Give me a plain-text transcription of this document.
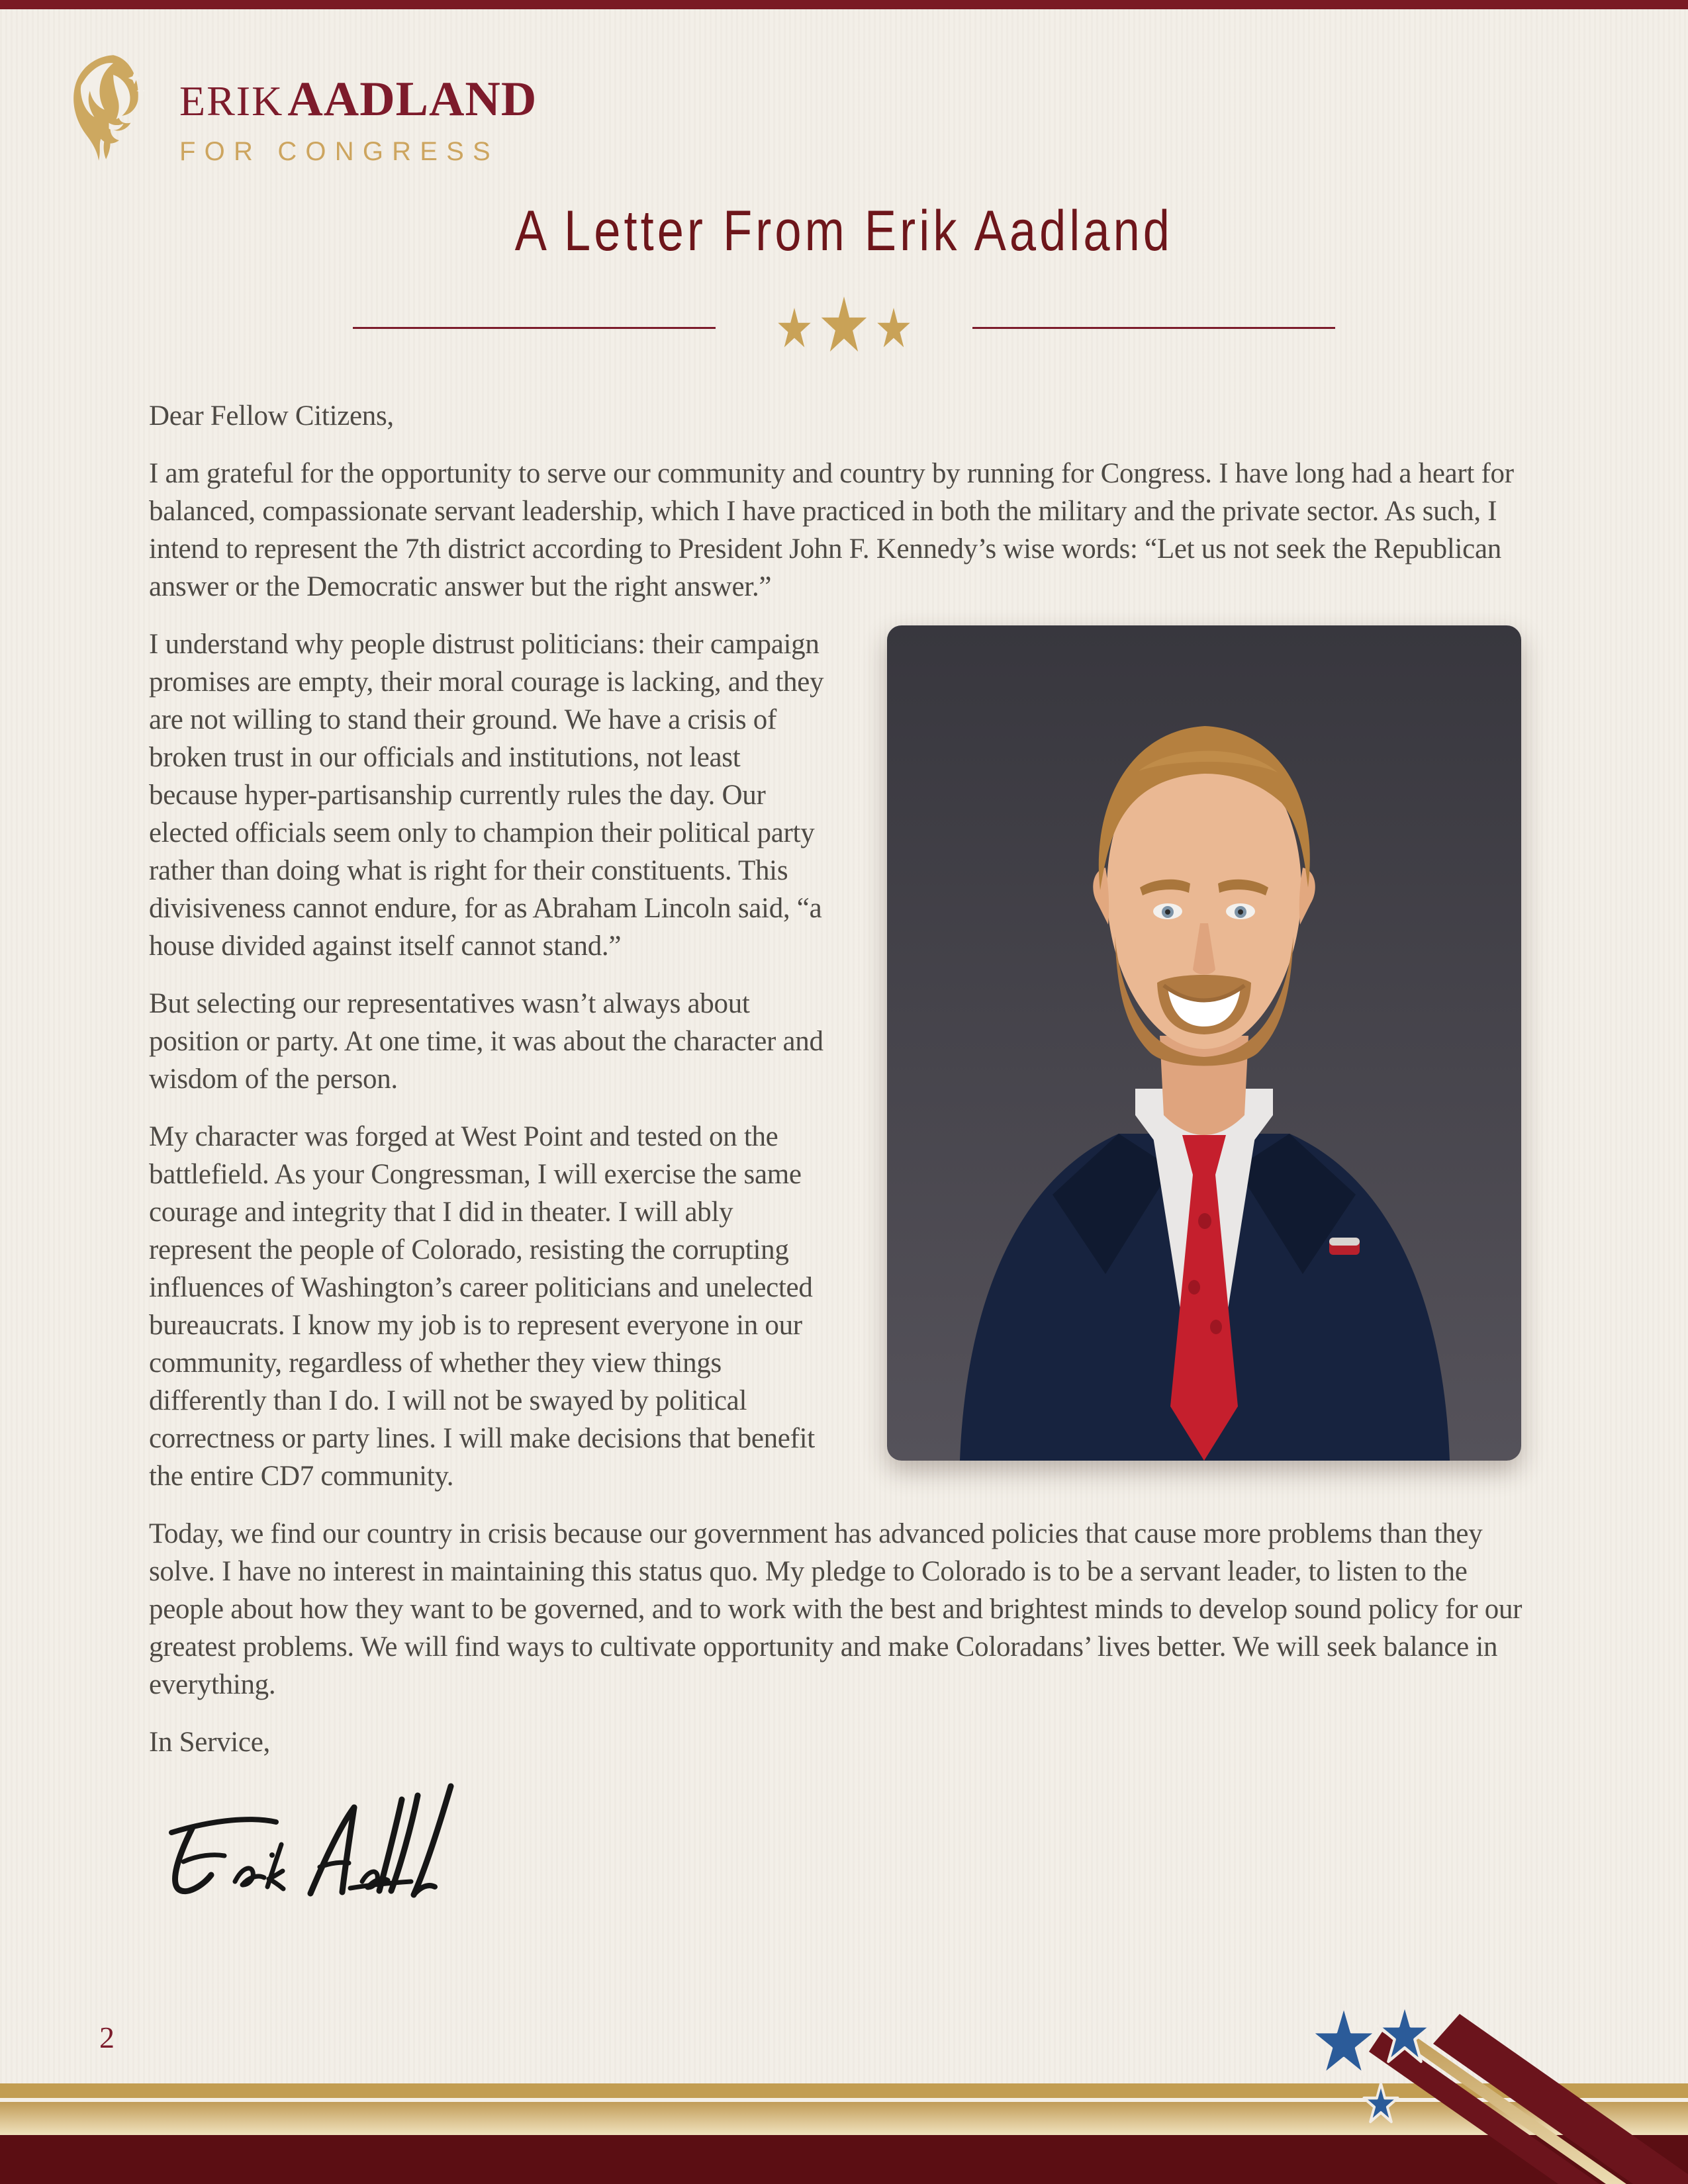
ERIK AADLAND
FOR CONGRESS
A Letter From Erik Aadland

Dear Fellow Citizens,

I am grateful for the opportunity to serve our community and country by running for Congress. I have long had a heart for balanced, compassionate servant leadership, which I have practiced in both the military and the private sector. As such, I intend to represent the 7th district according to President John F. Kennedy’s wise words: “Let us not seek the Republican answer or the Democratic answer but the right answer.”

I understand why people distrust politicians: their campaign promises are empty, their moral courage is lacking, and they are not willing to stand their ground. We have a crisis of broken trust in our officials and institutions, not least because hyper-partisanship currently rules the day. Our elected officials seem only to champion their political party rather than doing what is right for their constituents. This divisiveness cannot endure, for as Abraham Lincoln said, “a house divided against itself cannot stand.”

But selecting our representatives wasn’t always about position or party. At one time, it was about the character and wisdom of the person.

My character was forged at West Point and tested on the battlefield. As your Congressman, I will exercise the same courage and integrity that I did in theater. I will ably represent the people of Colorado, resisting the corrupting influences of Washington’s career politicians and unelected bureaucrats. I know my job is to represent everyone in our community, regardless of whether they view things differently than I do. I will not be swayed by political correctness or party lines. I will make decisions that benefit the entire CD7 community.

Today, we find our country in crisis because our government has advanced policies that cause more problems than they solve. I have no interest in maintaining this status quo. My pledge to Colorado is to be a servant leader, to listen to the people about how they want to be governed, and to work with the best and brightest minds to develop sound policy for our greatest problems. We will find ways to cultivate opportunity and make Coloradans’ lives better. We will seek balance in everything.

In Service,

2
